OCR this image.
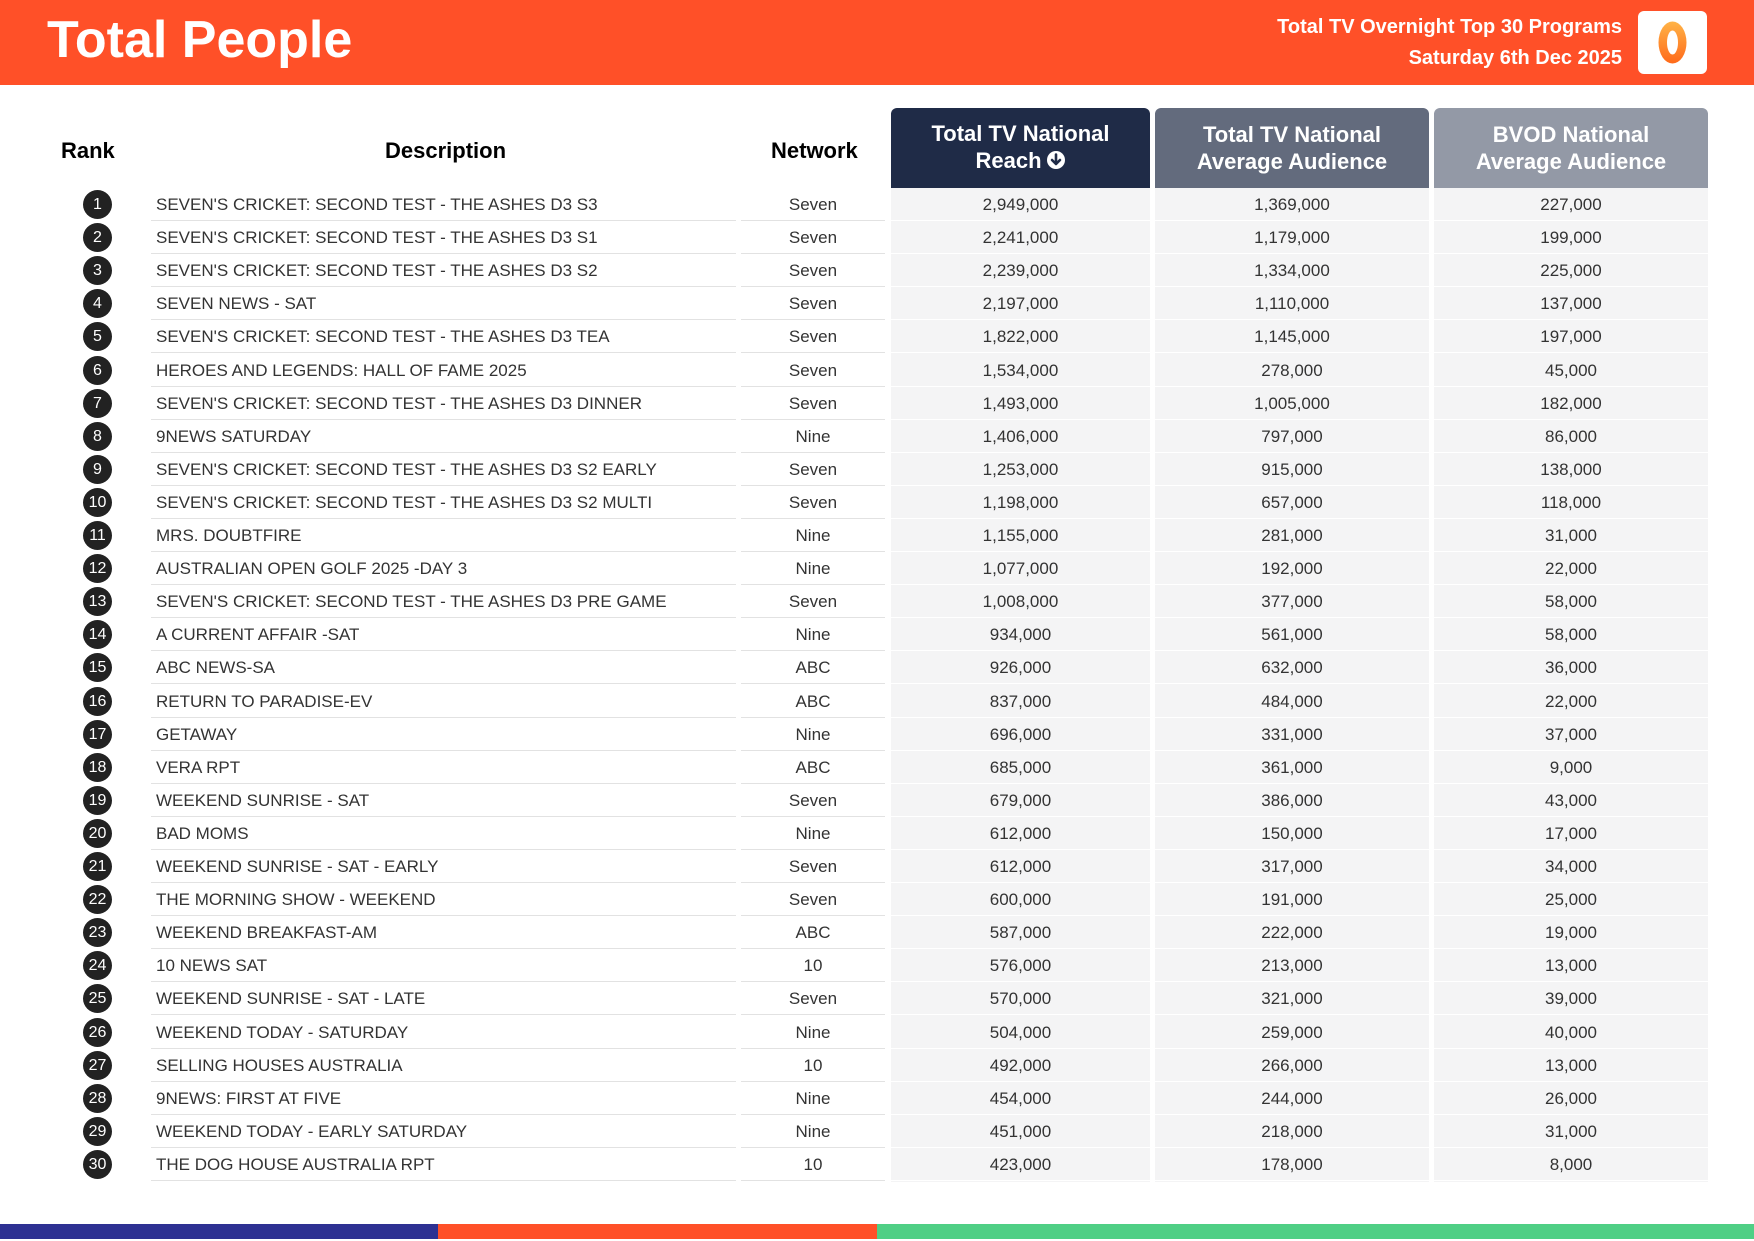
Total People	Total TV Overnight Top 30 Programs
Saturday 6th Dec 2025	0
Rank	Description	Network
Total TV National
Reach
Total TV National
Average Audience
BVOD National
Average Audience
1	SEVEN'S CRICKET: SECOND TEST - THE ASHES D3 S3	Seven	2,949,000	1,369,000	227,000
2	SEVEN'S CRICKET: SECOND TEST - THE ASHES D3 S1	Seven	2,241,000	1,179,000	199,000
3	SEVEN'S CRICKET: SECOND TEST - THE ASHES D3 S2	Seven	2,239,000	1,334,000	225,000
4	SEVEN NEWS - SAT	Seven	2,197,000	1,110,000	137,000
5	SEVEN'S CRICKET: SECOND TEST - THE ASHES D3 TEA	Seven	1,822,000	1,145,000	197,000
6	HEROES AND LEGENDS: HALL OF FAME 2025	Seven	1,534,000	278,000	45,000
7	SEVEN'S CRICKET: SECOND TEST - THE ASHES D3 DINNER	Seven	1,493,000	1,005,000	182,000
8	9NEWS SATURDAY	Nine	1,406,000	797,000	86,000
9	SEVEN'S CRICKET: SECOND TEST - THE ASHES D3 S2 EARLY	Seven	1,253,000	915,000	138,000
10	SEVEN'S CRICKET: SECOND TEST - THE ASHES D3 S2 MULTI	Seven	1,198,000	657,000	118,000
11	MRS. DOUBTFIRE	Nine	1,155,000	281,000	31,000
12	AUSTRALIAN OPEN GOLF 2025 -DAY 3	Nine	1,077,000	192,000	22,000
13	SEVEN'S CRICKET: SECOND TEST - THE ASHES D3 PRE GAME	Seven	1,008,000	377,000	58,000
14	A CURRENT AFFAIR -SAT	Nine	934,000	561,000	58,000
15	ABC NEWS-SA	ABC	926,000	632,000	36,000
16	RETURN TO PARADISE-EV	ABC	837,000	484,000	22,000
17	GETAWAY	Nine	696,000	331,000	37,000
18	VERA RPT	ABC	685,000	361,000	9,000
19	WEEKEND SUNRISE - SAT	Seven	679,000	386,000	43,000
20	BAD MOMS	Nine	612,000	150,000	17,000
21	WEEKEND SUNRISE - SAT - EARLY	Seven	612,000	317,000	34,000
22	THE MORNING SHOW - WEEKEND	Seven	600,000	191,000	25,000
23	WEEKEND BREAKFAST-AM	ABC	587,000	222,000	19,000
24	10 NEWS SAT	10	576,000	213,000	13,000
25	WEEKEND SUNRISE - SAT - LATE	Seven	570,000	321,000	39,000
26	WEEKEND TODAY - SATURDAY	Nine	504,000	259,000	40,000
27	SELLING HOUSES AUSTRALIA	10	492,000	266,000	13,000
28	9NEWS: FIRST AT FIVE	Nine	454,000	244,000	26,000
29	WEEKEND TODAY - EARLY SATURDAY	Nine	451,000	218,000	31,000
30	THE DOG HOUSE AUSTRALIA RPT	10	423,000	178,000	8,000
